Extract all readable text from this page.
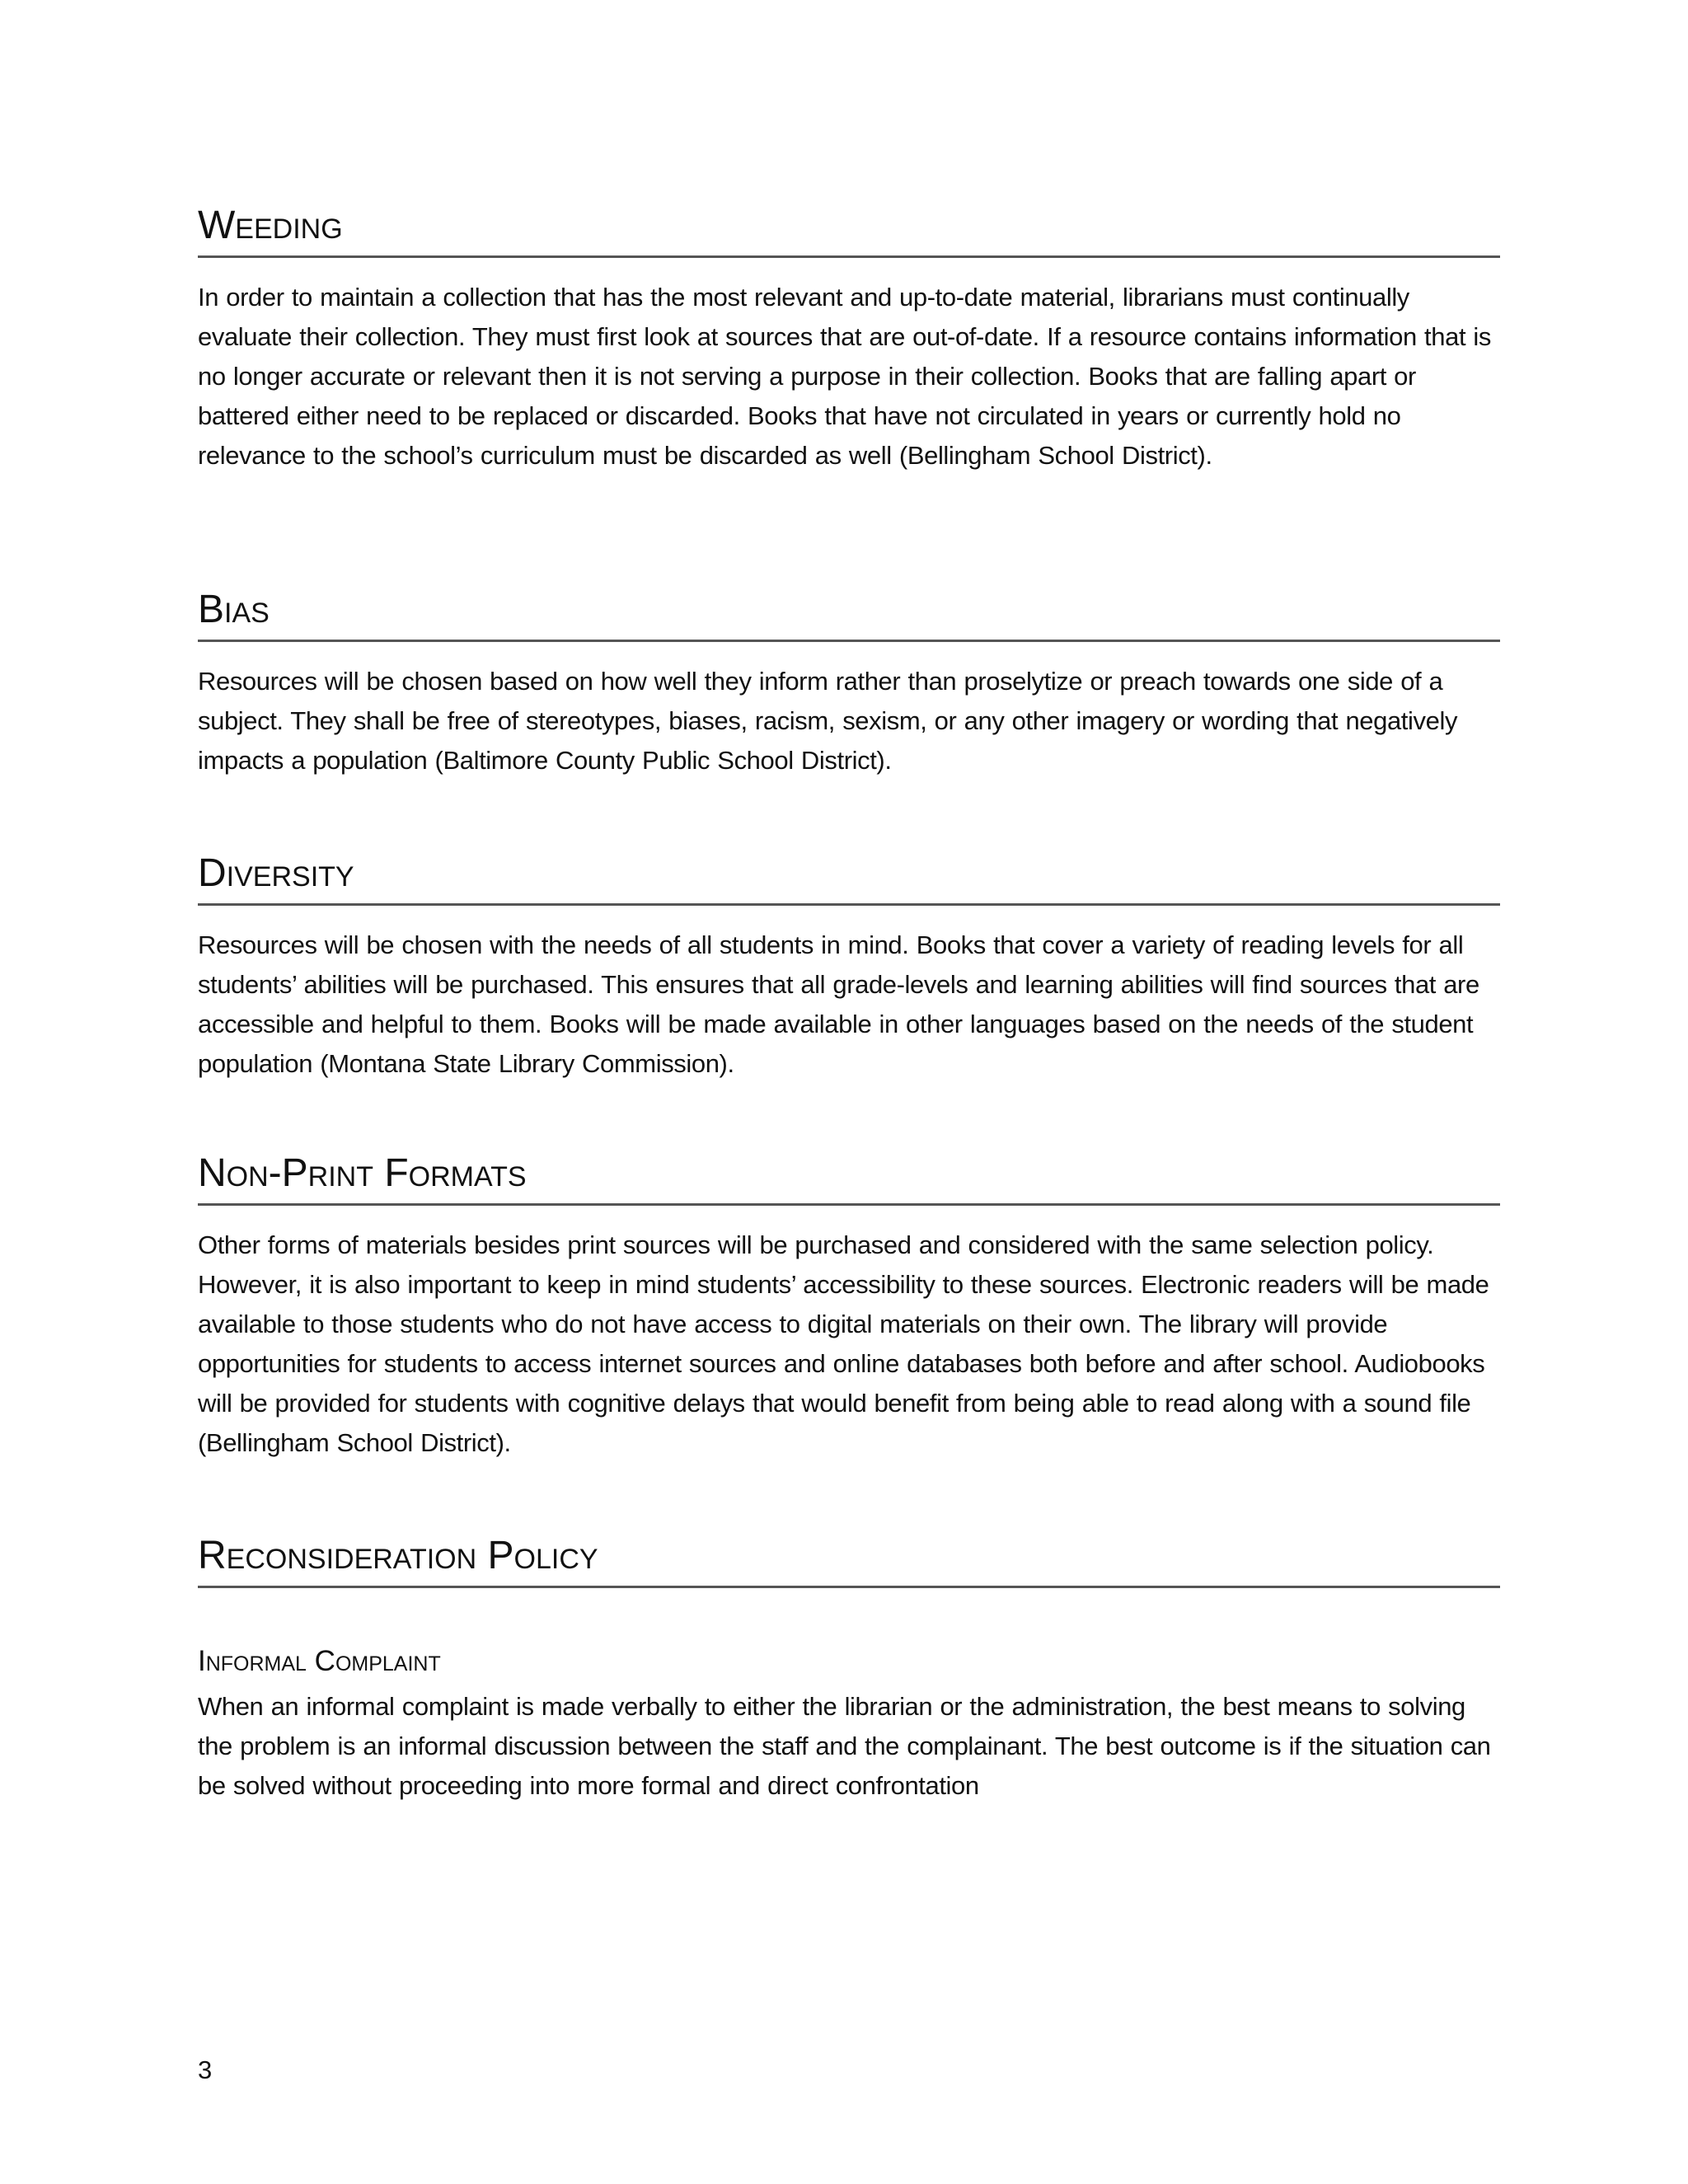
Weeding

In order to maintain a collection that has the most relevant and up-to-date material, librarians must continually evaluate their collection. They must first look at sources that are out-of-date. If a resource contains information that is no longer accurate or relevant then it is not serving a purpose in their collection. Books that are falling apart or battered either need to be replaced or discarded. Books that have not circulated in years or currently hold no relevance to the school’s curriculum must be discarded as well (Bellingham School District).

Bias

Resources will be chosen based on how well they inform rather than proselytize or preach towards one side of a subject. They shall be free of stereotypes, biases, racism, sexism, or any other imagery or wording that negatively impacts a population (Baltimore County Public School District).

Diversity

Resources will be chosen with the needs of all students in mind. Books that cover a variety of reading levels for all students’ abilities will be purchased. This ensures that all grade-levels and learning abilities will find sources that are accessible and helpful to them. Books will be made available in other languages based on the needs of the student population (Montana State Library Commission).

Non-Print Formats

Other forms of materials besides print sources will be purchased and considered with the same selection policy. However, it is also important to keep in mind students’ accessibility to these sources. Electronic readers will be made available to those students who do not have access to digital materials on their own. The library will provide opportunities for students to access internet sources and online databases both before and after school. Audiobooks will be provided for students with cognitive delays that would benefit from being able to read along with a sound file (Bellingham School District).

Reconsideration Policy
Informal Complaint

When an informal complaint is made verbally to either the librarian or the administration, the best means to solving the problem is an informal discussion between the staff and the complainant. The best outcome is if the situation can be solved without proceeding into more formal and direct confrontation

3
